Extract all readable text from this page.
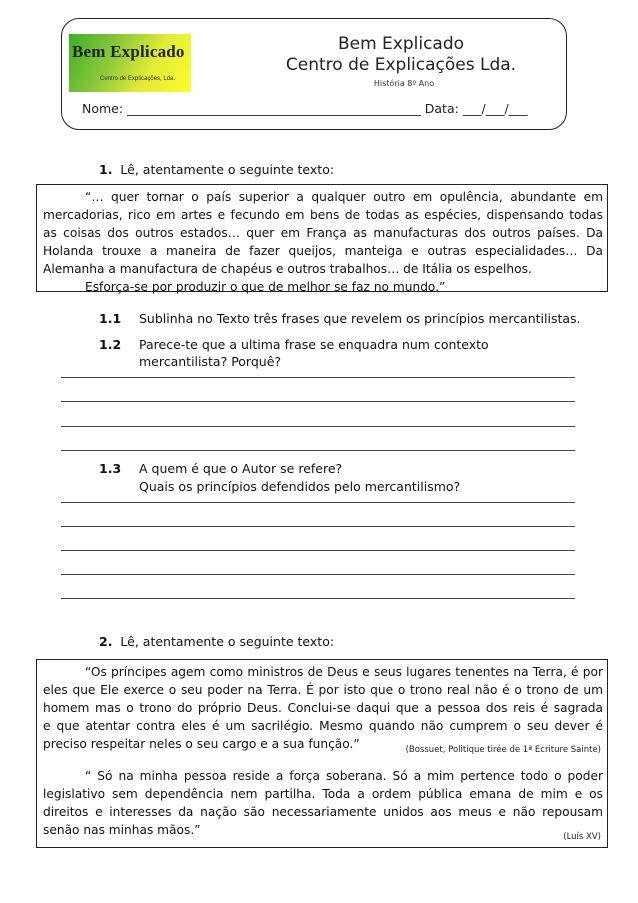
Bem Explicado
Centro de Explicações, Lda.
Bem Explicado
Centro de Explicações Lda.
História 8º Ano
Nome: _______________________________________________ Data: ___/___/___
1. Lê, atentamente o seguinte texto:
“… quer tornar o país superior a qualquer outro em opulência, abundante em
mercadorias, rico em artes e fecundo em bens de todas as espécies, dispensando todas
as coisas dos outros estados… quer em França as manufacturas dos outros países. Da
Holanda trouxe a maneira de fazer queijos, manteiga e outras especialidades… Da
Alemanha a manufactura de chapéus e outros trabalhos… de Itália os espelhos.
Esforça-se por produzir o que de melhor se faz no mundo.”
1.1 Sublinha no Texto três frases que revelem os princípios mercantilistas.
1.2 Parece-te que a ultima frase se enquadra num contexto
mercantilista? Porquê?
1.3 A quem é que o Autor se refere?
Quais os princípios defendidos pelo mercantilismo?
2. Lê, atentamente o seguinte texto:
“Os príncipes agem como ministros de Deus e seus lugares tenentes na Terra, é por
eles que Ele exerce o seu poder na Terra. É por isto que o trono real não é o trono de um
homem mas o trono do próprio Deus. Conclui-se daqui que a pessoa dos reis é sagrada
e que atentar contra eles é um sacrilégio. Mesmo quando não cumprem o seu dever é
preciso respeitar neles o seu cargo e a sua função.”	(Bossuet, Politique tirée de 1ª Ecriture Sainte)
“ Só na minha pessoa reside a força soberana. Só a mim pertence todo o poder
legislativo sem dependência nem partilha. Toda a ordem pública emana de mim e os
direitos e interesses da nação são necessariamente unidos aos meus e não repousam
senão nas minhas mãos.”	(Luís XV)
